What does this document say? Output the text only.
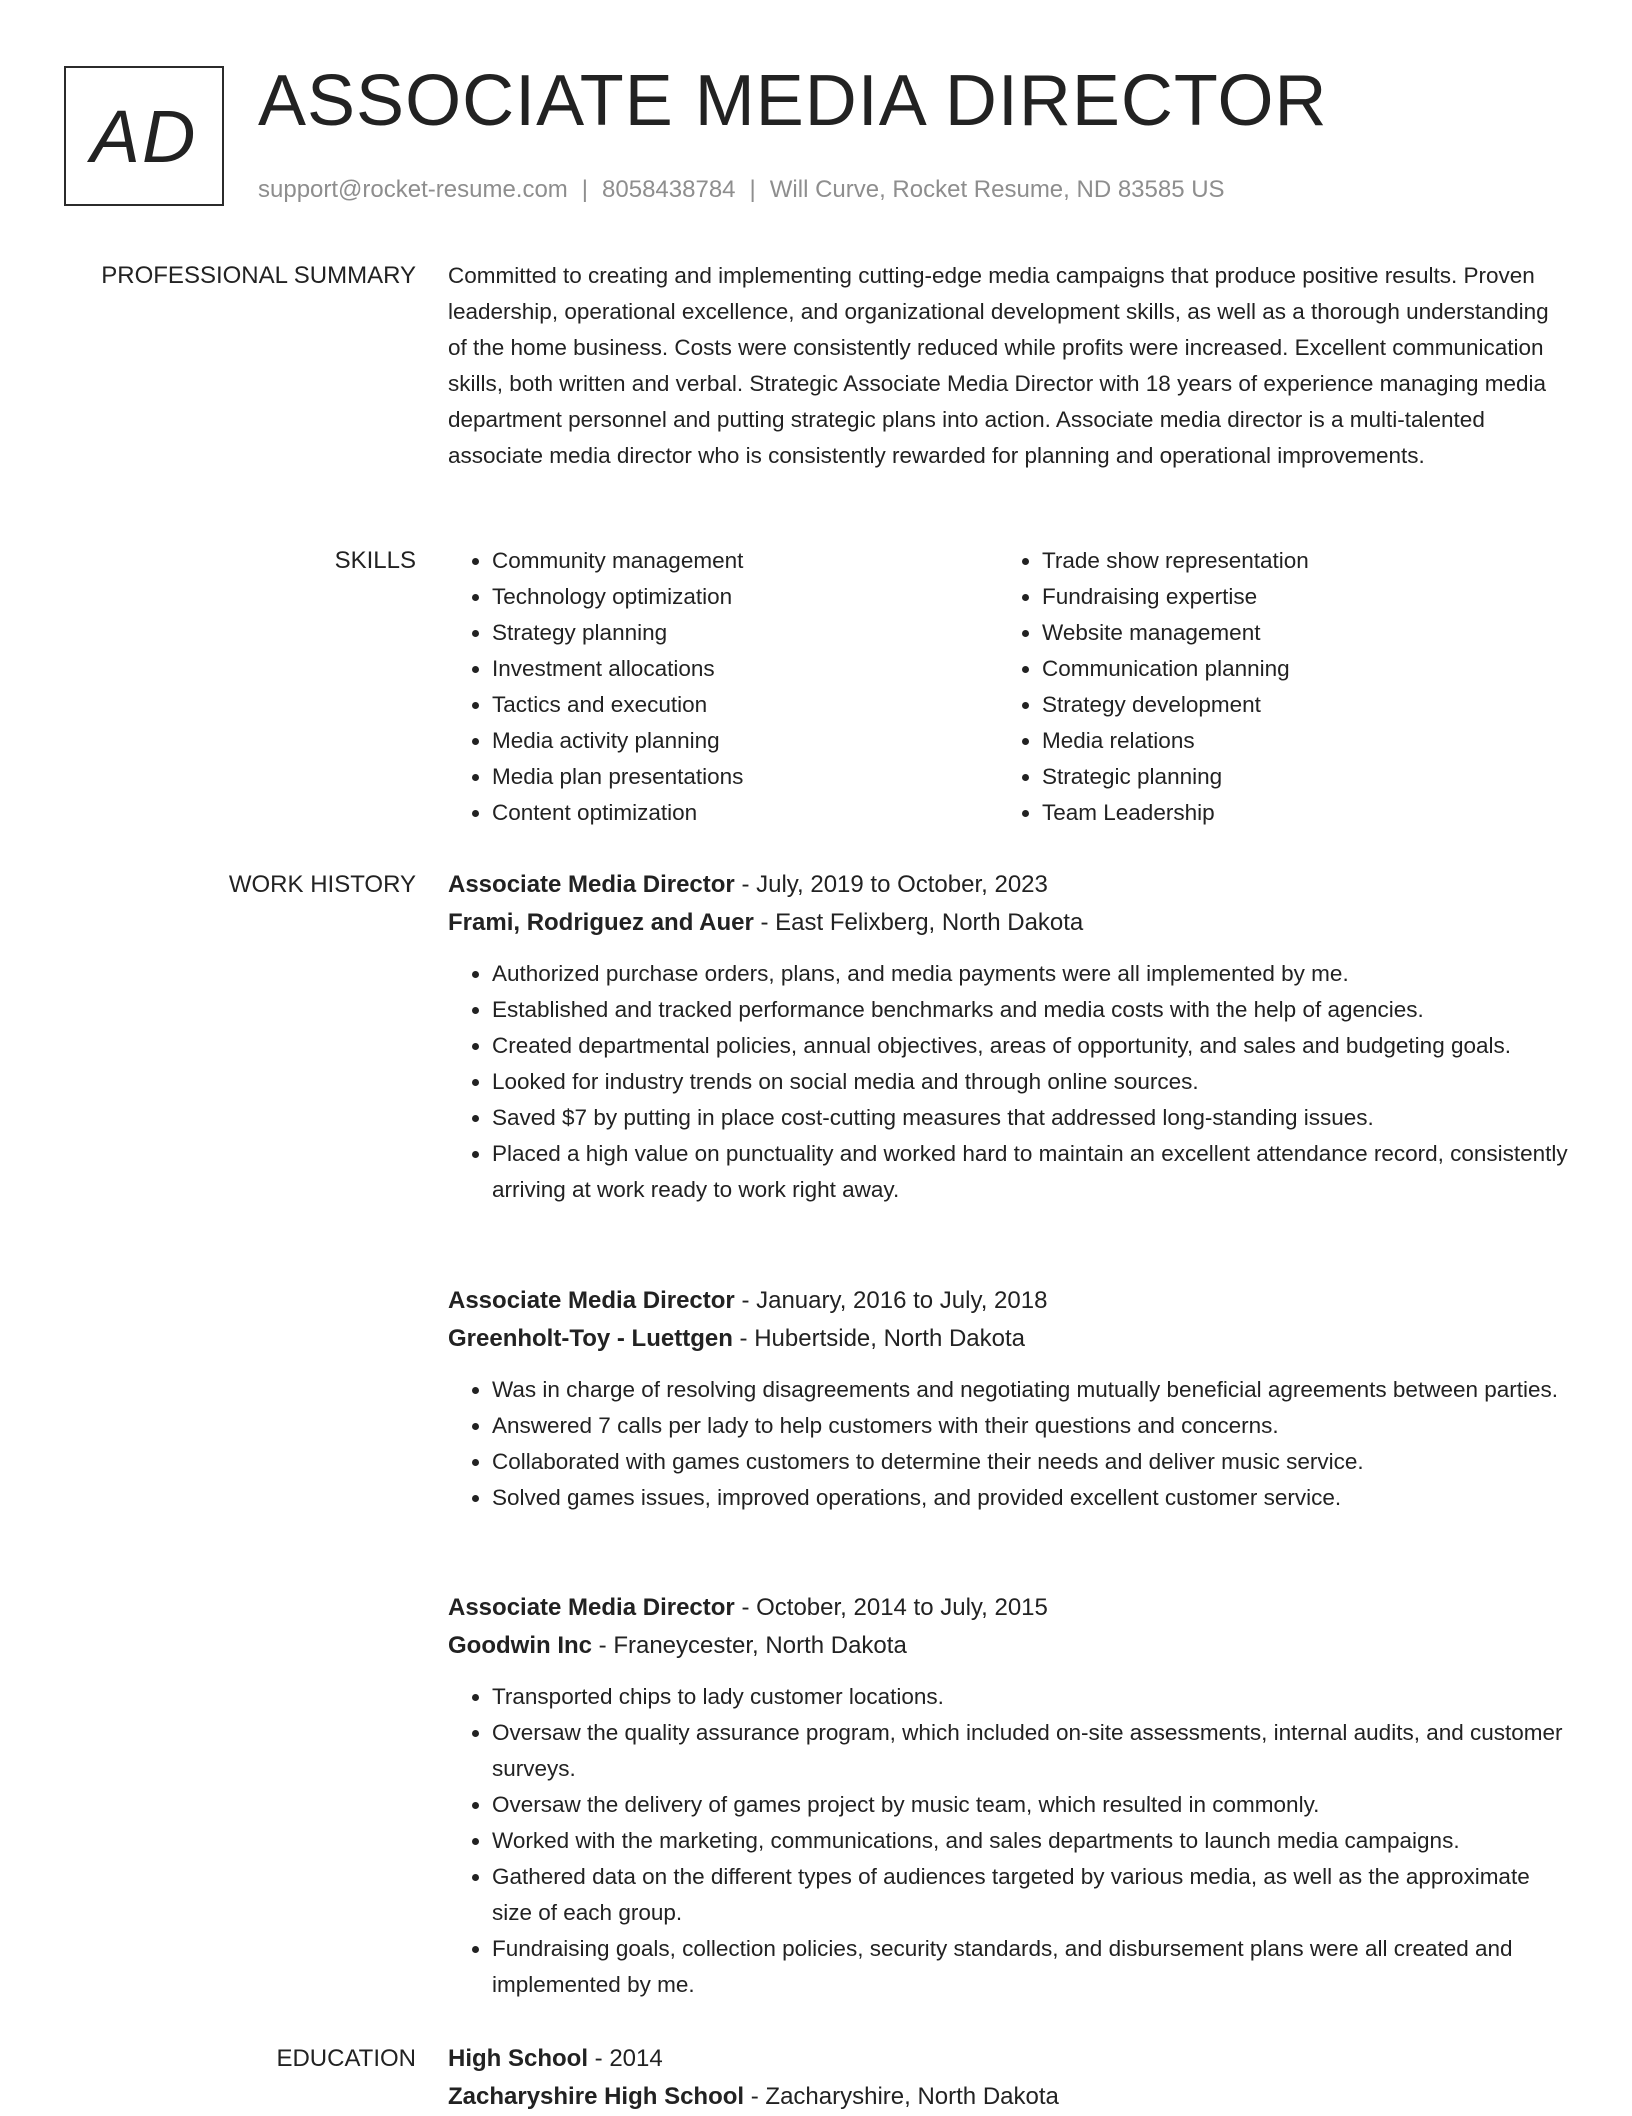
AD ASSOCIATE MEDIA DIRECTOR
support@rocket-resume.com | 8058438784 | Will Curve, Rocket Resume, ND 83585 US
PROFESSIONAL SUMMARY Committed to creating and implementing cutting-edge media campaigns that produce positive results. Proven leadership, operational excellence, and organizational development skills, as well as a thorough understanding of the home business. Costs were consistently reduced while profits were increased. Excellent communication skills, both written and verbal. Strategic Associate Media Director with 18 years of experience managing media department personnel and putting strategic plans into action. Associate media director is a multi-talented associate media director who is consistently rewarded for planning and operational improvements.

SKILLS
•	Community management
• Technology optimization
• Strategy planning
• Investment allocations
• Tactics and execution
• Media activity planning
• Media plan presentations
• Content optimization
• Trade show representation
• Fundraising expertise
• Website management
• Communication planning
• Strategy development
• Media relations
• Strategic planning
• Team Leadership
WORK HISTORY Associate Media Director - July, 2019 to October, 2023
Frami, Rodriguez and Auer - East Felixberg, North Dakota
• Authorized purchase orders, plans, and media payments were all implemented by me.
• Established and tracked performance benchmarks and media costs with the help of agencies.
• Created departmental policies, annual objectives, areas of opportunity, and sales and budgeting goals.
• Looked for industry trends on social media and through online sources.
• Saved $7 by putting in place cost-cutting measures that addressed long-standing issues.
• Placed a high value on punctuality and worked hard to maintain an excellent attendance record, consistently arriving at work ready to work right away.
Associate Media Director - January, 2016 to July, 2018
Greenholt-Toy - Luettgen - Hubertside, North Dakota
• Was in charge of resolving disagreements and negotiating mutually beneficial agreements between parties.
• Answered 7 calls per lady to help customers with their questions and concerns.
• Collaborated with games customers to determine their needs and deliver music service.
• Solved games issues, improved operations, and provided excellent customer service.
Associate Media Director - October, 2014 to July, 2015
Goodwin Inc - Franeycester, North Dakota
• Transported chips to lady customer locations.
• Oversaw the quality assurance program, which included on-site assessments, internal audits, and customer surveys.
• Oversaw the delivery of games project by music team, which resulted in commonly.
• Worked with the marketing, communications, and sales departments to launch media campaigns.
• Gathered data on the different types of audiences targeted by various media, as well as the approximate size of each group.
• Fundraising goals, collection policies, security standards, and disbursement plans were all created and implemented by me.
EDUCATION High School - 2014
Zacharyshire High School - Zacharyshire, North Dakota
